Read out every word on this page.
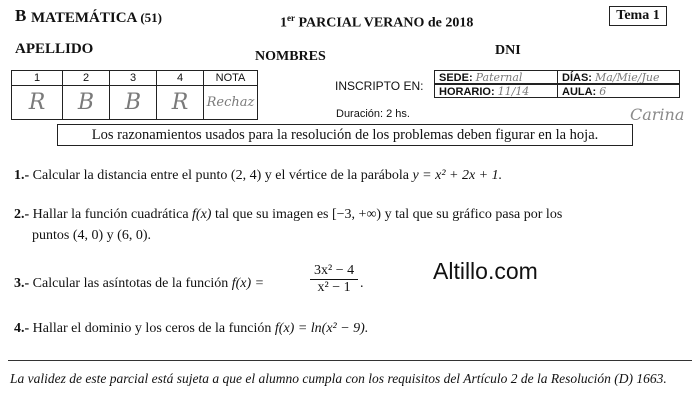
B MATEMÁTICA (51)	1er PARCIAL VERANO de 2018
Tema 1
APELLIDO	NOMBRES	DNI
1	2	3	4	NOTA
R	B	B	R	Rechaz
INSCRIPTO EN:
SEDE: Paternal	DÍAS: Ma/Mie/Jue
HORARIO: 11/14	AULA: 6
Duración: 2 hs.	Carina
Los razonamientos usados para la resolución de los problemas deben figurar en la hoja.
1.- Calcular la distancia entre el punto (2, 4) y el vértice de la parábola y = x² + 2x + 1.
2.- Hallar la función cuadrática f(x) tal que su imagen es [−3, +∞) y tal que su gráfico pasa por los
puntos (4, 0) y (6, 0).
3.- Calcular las asíntotas de la función f(x) =	$\frac{\text{3x² − 4}}{\text{x² − 1}}$ .
4.- Hallar el dominio y los ceros de la función f(x) = ln(x² − 9).
Altillo.com
La validez de este parcial está sujeta a que el alumno cumpla con los requisitos del Artículo 2 de la Resolución (D) 1663.
